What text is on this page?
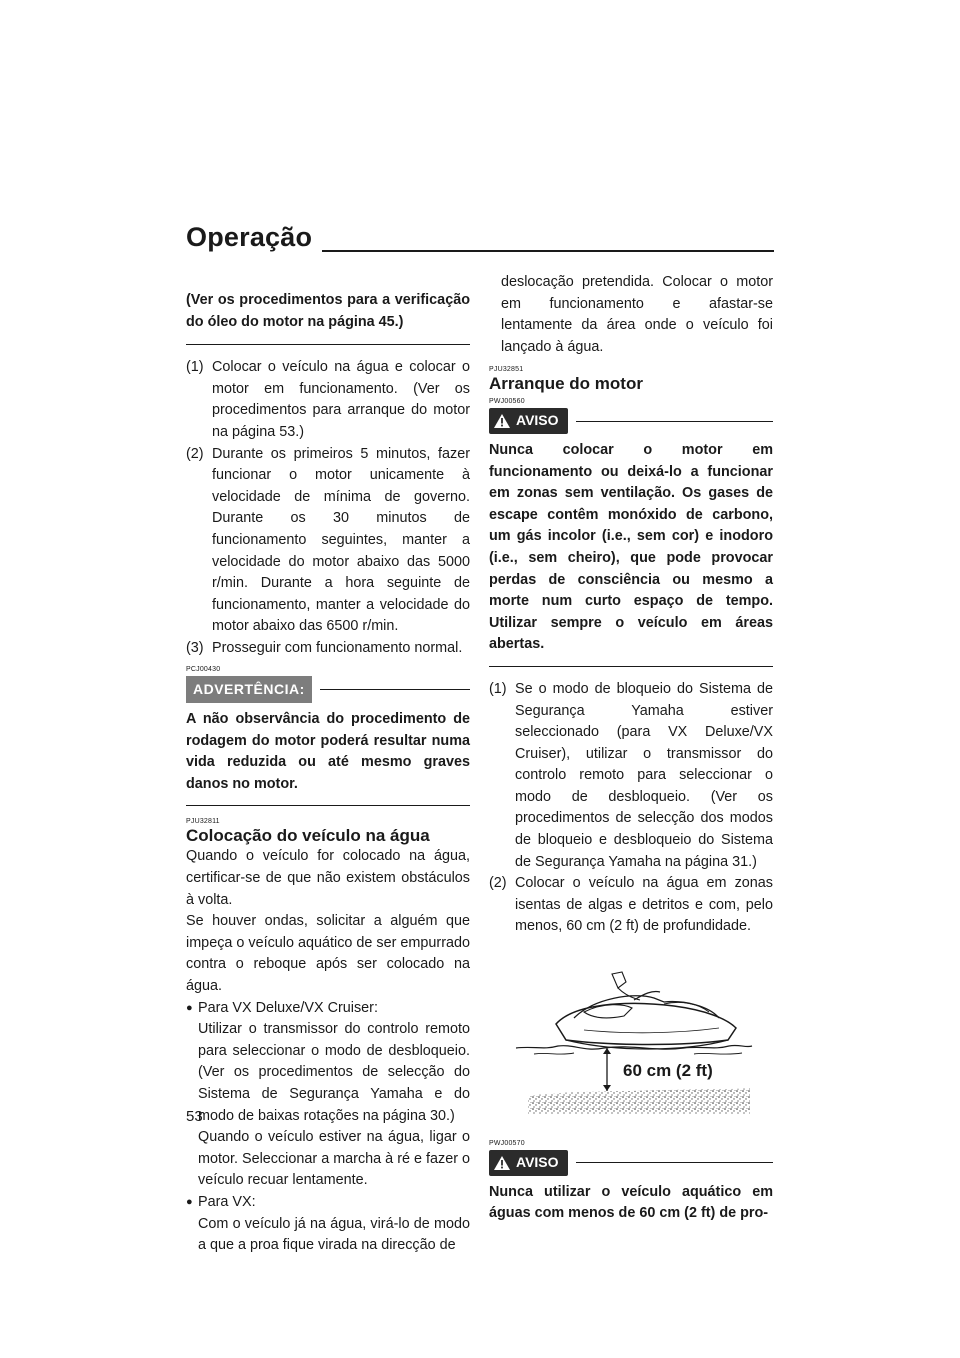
Operação
53

(Ver os procedimentos para a verificação do óleo do motor na página 45.)

(1) Colocar o veículo na água e colocar o motor em funcionamento. (Ver os procedimentos para arranque do motor na página 53.)
(2) Durante os primeiros 5 minutos, fazer funcionar o motor unicamente à velocidade de mínima de governo. Durante os 30 minutos de funcionamento seguintes, manter a velocidade do motor abaixo das 5000 r/min. Durante a hora seguinte de funcionamento, manter a velocidade do motor abaixo das 6500 r/min.
(3) Prosseguir com funcionamento normal.
PCJ00430
ADVERTÊNCIA:

A não observância do procedimento de rodagem do motor poderá resultar numa vida reduzida ou até mesmo graves danos no motor.

PJU32811
Colocação do veículo na água

Quando o veículo for colocado na água, certificar-se de que não existem obstáculos à volta.

Se houver ondas, solicitar a alguém que impeça o veículo aquático de ser empurrado contra o reboque após ser colocado na água.

● Para VX Deluxe/VX Cruiser:

Utilizar o transmissor do controlo remoto para seleccionar o modo de desbloqueio. (Ver os procedimentos de selecção do Sistema de Segurança Yamaha e do modo de baixas rotações na página 30.)

Quando o veículo estiver na água, ligar o motor. Seleccionar a marcha à ré e fazer o veículo recuar lentamente.

● Para VX:

Com o veículo já na água, virá-lo de modo a que a proa fique virada na direcção de

deslocação pretendida. Colocar o motor em funcionamento e afastar-se lentamente da área onde o veículo foi lançado à água.

PJU32851
Arranque do motor
PWJ00560
AVISO

Nunca colocar o motor em funcionamento ou deixá-lo a funcionar em zonas sem ventilação. Os gases de escape contêm monóxido de carbono, um gás incolor (i.e., sem cor) e inodoro (i.e., sem cheiro), que pode provocar perdas de consciência ou mesmo a morte num curto espaço de tempo. Utilizar sempre o veículo em áreas abertas.

(1) Se o modo de bloqueio do Sistema de Segurança Yamaha estiver seleccionado (para VX Deluxe/VX Cruiser), utilizar o transmissor do controlo remoto para seleccionar o modo de desbloqueio. (Ver os procedimentos de selecção dos modos de bloqueio e desbloqueio do Sistema de Segurança Yamaha na página 31.)
(2) Colocar o veículo na água em zonas isentas de algas e detritos e com, pelo menos, 60 cm (2 ft) de profundidade.
60 cm (2 ft)
PWJ00570
AVISO

Nunca utilizar o veículo aquático em águas com menos de 60 cm (2 ft) de pro-
